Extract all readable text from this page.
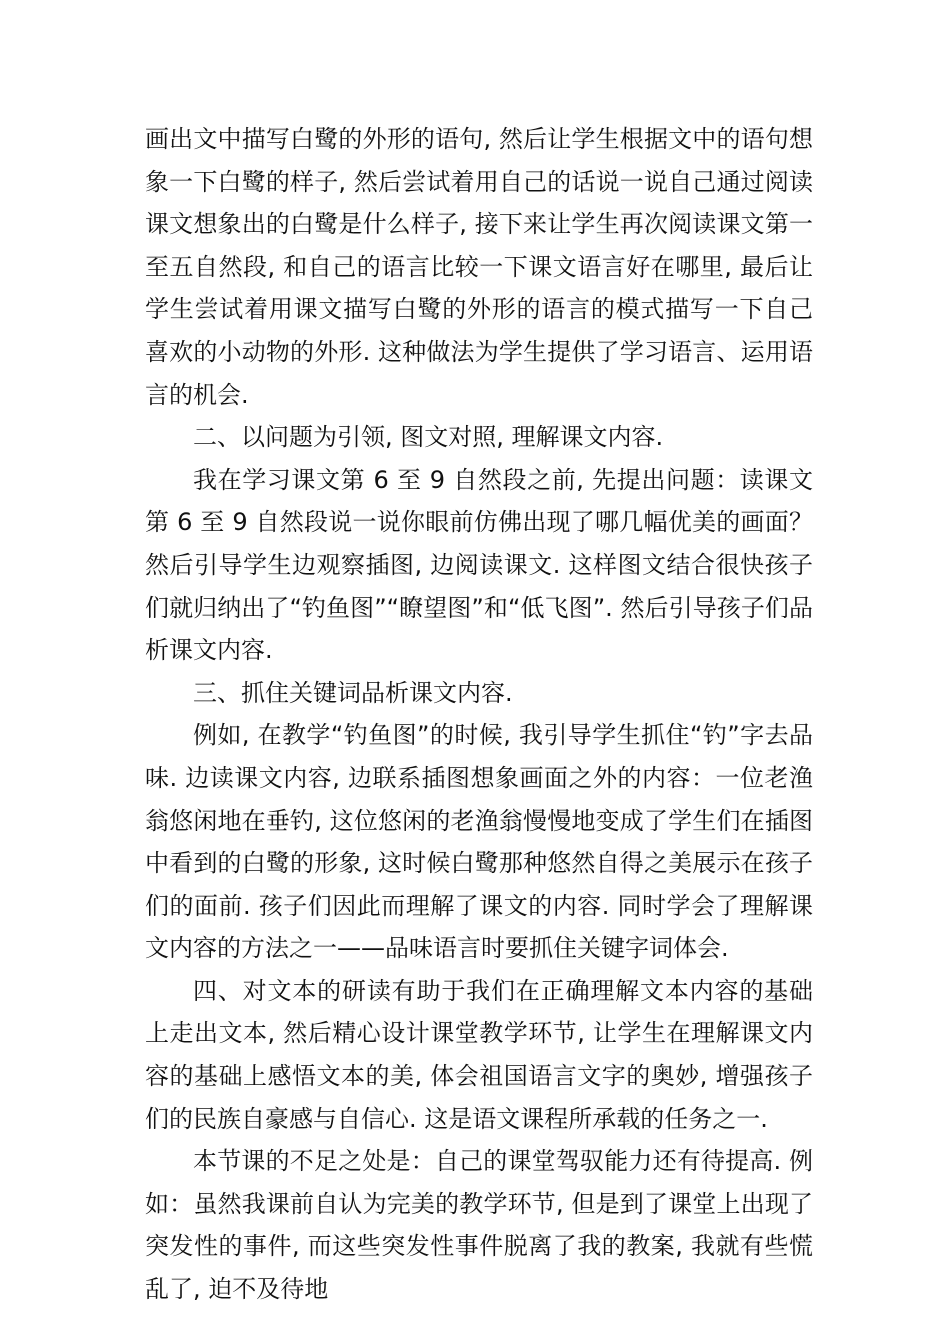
画出文中描写白鹭的外形的语句, 然后让学生根据文中的语句想象一下白鹭的样子, 然后尝试着用自己的话说一说自己通过阅读课文想象出的白鹭是什么样子, 接下来让学生再次阅读课文第一至五自然段, 和自己的语言比较一下课文语言好在哪里, 最后让学生尝试着用课文描写白鹭的外形的语言的模式描写一下自己喜欢的小动物的外形. 这种做法为学生提供了学习语言、运用语言的机会.

二、以问题为引领, 图文对照, 理解课文内容.

我在学习课文第 6 至 9 自然段之前, 先提出问题：读课文第 6 至 9 自然段说一说你眼前仿佛出现了哪几幅优美的画面？然后引导学生边观察插图, 边阅读课文. 这样图文结合很快孩子们就归纳出了“钓鱼图”“瞭望图”和“低飞图”. 然后引导孩子们品析课文内容.

三、抓住关键词品析课文内容.

例如, 在教学“钓鱼图”的时候, 我引导学生抓住“钓”字去品味. 边读课文内容, 边联系插图想象画面之外的内容：一位老渔翁悠闲地在垂钓, 这位悠闲的老渔翁慢慢地变成了学生们在插图中看到的白鹭的形象, 这时候白鹭那种悠然自得之美展示在孩子们的面前. 孩子们因此而理解了课文的内容. 同时学会了理解课文内容的方法之一——品味语言时要抓住关键字词体会.

四、对文本的研读有助于我们在正确理解文本内容的基础上走出文本, 然后精心设计课堂教学环节, 让学生在理解课文内容的基础上感悟文本的美, 体会祖国语言文字的奥妙, 增强孩子们的民族自豪感与自信心. 这是语文课程所承载的任务之一.

本节课的不足之处是：自己的课堂驾驭能力还有待提高. 例如：虽然我课前自认为完美的教学环节, 但是到了课堂上出现了突发性的事件, 而这些突发性事件脱离了我的教案, 我就有些慌乱了, 迫不及待地
